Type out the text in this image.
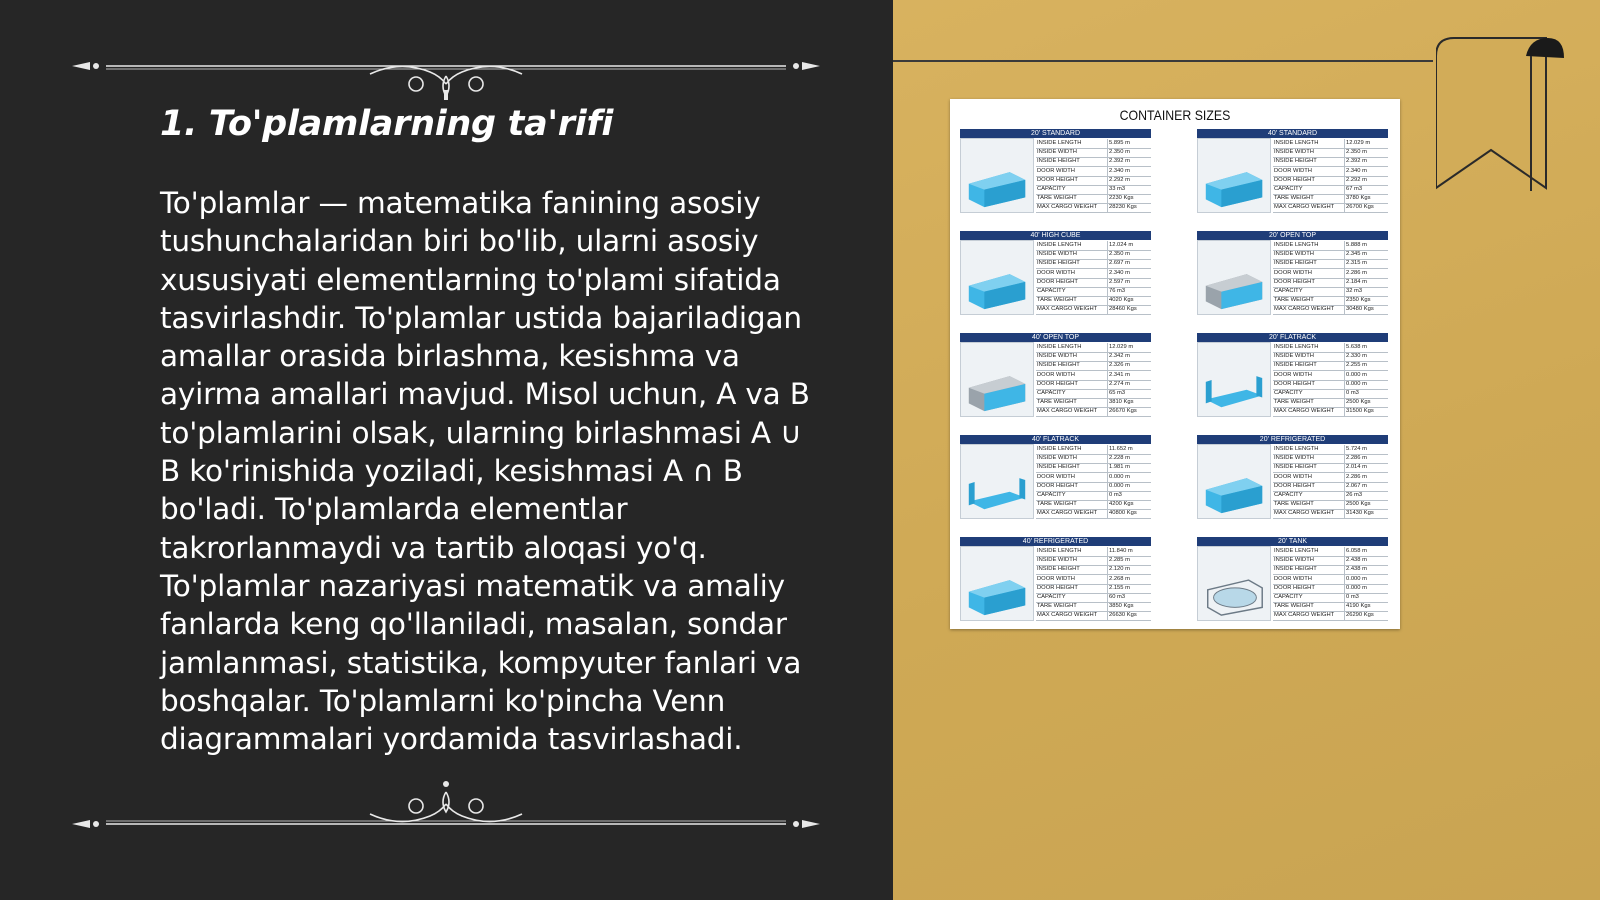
1. To'plamlarning ta'rifi
To'plamlar — matematika fanining asosiy
tushunchalaridan biri bo'lib, ularni asosiy
xususiyati elementlarning to'plami sifatida
tasvirlashdir. To'plamlar ustida bajariladigan
amallar orasida birlashma, kesishma va
ayirma amallari mavjud. Misol uchun, A va B
to'plamlarini olsak, ularning birlashmasi A ∪
B ko'rinishida yoziladi, kesishmasi A ∩ B
bo'ladi. To'plamlarda elementlar
takrorlanmaydi va tartib aloqasi yo'q.
To'plamlar nazariyasi matematik va amaliy
fanlarda keng qo'llaniladi, masalan, sondar
jamlanmasi, statistika, kompyuter fanlari va
boshqalar. To'plamlarni ko'pincha Venn
diagrammalari yordamida tasvirlashadi.
CONTAINER SIZES
20' STANDARD
INSIDE LENGTH	5.895 m
INSIDE WIDTH	2.350 m
INSIDE HEIGHT	2.392 m
DOOR WIDTH	2.340 m
DOOR HEIGHT	2.292 m
CAPACITY	33 m3
TARE WEIGHT	2230 Kgs
MAX CARGO WEIGHT	28230 Kgs
40' STANDARD
INSIDE LENGTH	12.029 m
INSIDE WIDTH	2.350 m
INSIDE HEIGHT	2.392 m
DOOR WIDTH	2.340 m
DOOR HEIGHT	2.292 m
CAPACITY	67 m3
TARE WEIGHT	3780 Kgs
MAX CARGO WEIGHT	26700 Kgs
40' HIGH CUBE
INSIDE LENGTH	12.024 m
INSIDE WIDTH	2.350 m
INSIDE HEIGHT	2.697 m
DOOR WIDTH	2.340 m
DOOR HEIGHT	2.597 m
CAPACITY	76 m3
TARE WEIGHT	4020 Kgs
MAX CARGO WEIGHT	28460 Kgs
20' OPEN TOP
INSIDE LENGTH	5.888 m
INSIDE WIDTH	2.345 m
INSIDE HEIGHT	2.315 m
DOOR WIDTH	2.286 m
DOOR HEIGHT	2.184 m
CAPACITY	32 m3
TARE WEIGHT	2350 Kgs
MAX CARGO WEIGHT	30480 Kgs
40' OPEN TOP
INSIDE LENGTH	12.029 m
INSIDE WIDTH	2.342 m
INSIDE HEIGHT	2.326 m
DOOR WIDTH	2.341 m
DOOR HEIGHT	2.274 m
CAPACITY	65 m3
TARE WEIGHT	3810 Kgs
MAX CARGO WEIGHT	26670 Kgs
20' FLATRACK
INSIDE LENGTH	5.638 m
INSIDE WIDTH	2.330 m
INSIDE HEIGHT	2.255 m
DOOR WIDTH	0.000 m
DOOR HEIGHT	0.000 m
CAPACITY	0 m3
TARE WEIGHT	2500 Kgs
MAX CARGO WEIGHT	31500 Kgs
40' FLATRACK
INSIDE LENGTH	11.652 m
INSIDE WIDTH	2.228 m
INSIDE HEIGHT	1.981 m
DOOR WIDTH	0.000 m
DOOR HEIGHT	0.000 m
CAPACITY	0 m3
TARE WEIGHT	4200 Kgs
MAX CARGO WEIGHT	40800 Kgs
20' REFRIGERATED
INSIDE LENGTH	5.724 m
INSIDE WIDTH	2.286 m
INSIDE HEIGHT	2.014 m
DOOR WIDTH	2.286 m
DOOR HEIGHT	2.067 m
CAPACITY	26 m3
TARE WEIGHT	2500 Kgs
MAX CARGO WEIGHT	31430 Kgs
40' REFRIGERATED
INSIDE LENGTH	11.840 m
INSIDE WIDTH	2.285 m
INSIDE HEIGHT	2.120 m
DOOR WIDTH	2.268 m
DOOR HEIGHT	2.155 m
CAPACITY	60 m3
TARE WEIGHT	3850 Kgs
MAX CARGO WEIGHT	26630 Kgs
20' TANK
INSIDE LENGTH	6.058 m
INSIDE WIDTH	2.438 m
INSIDE HEIGHT	2.438 m
DOOR WIDTH	0.000 m
DOOR HEIGHT	0.000 m
CAPACITY	0 m3
TARE WEIGHT	4190 Kgs
MAX CARGO WEIGHT	26290 Kgs
